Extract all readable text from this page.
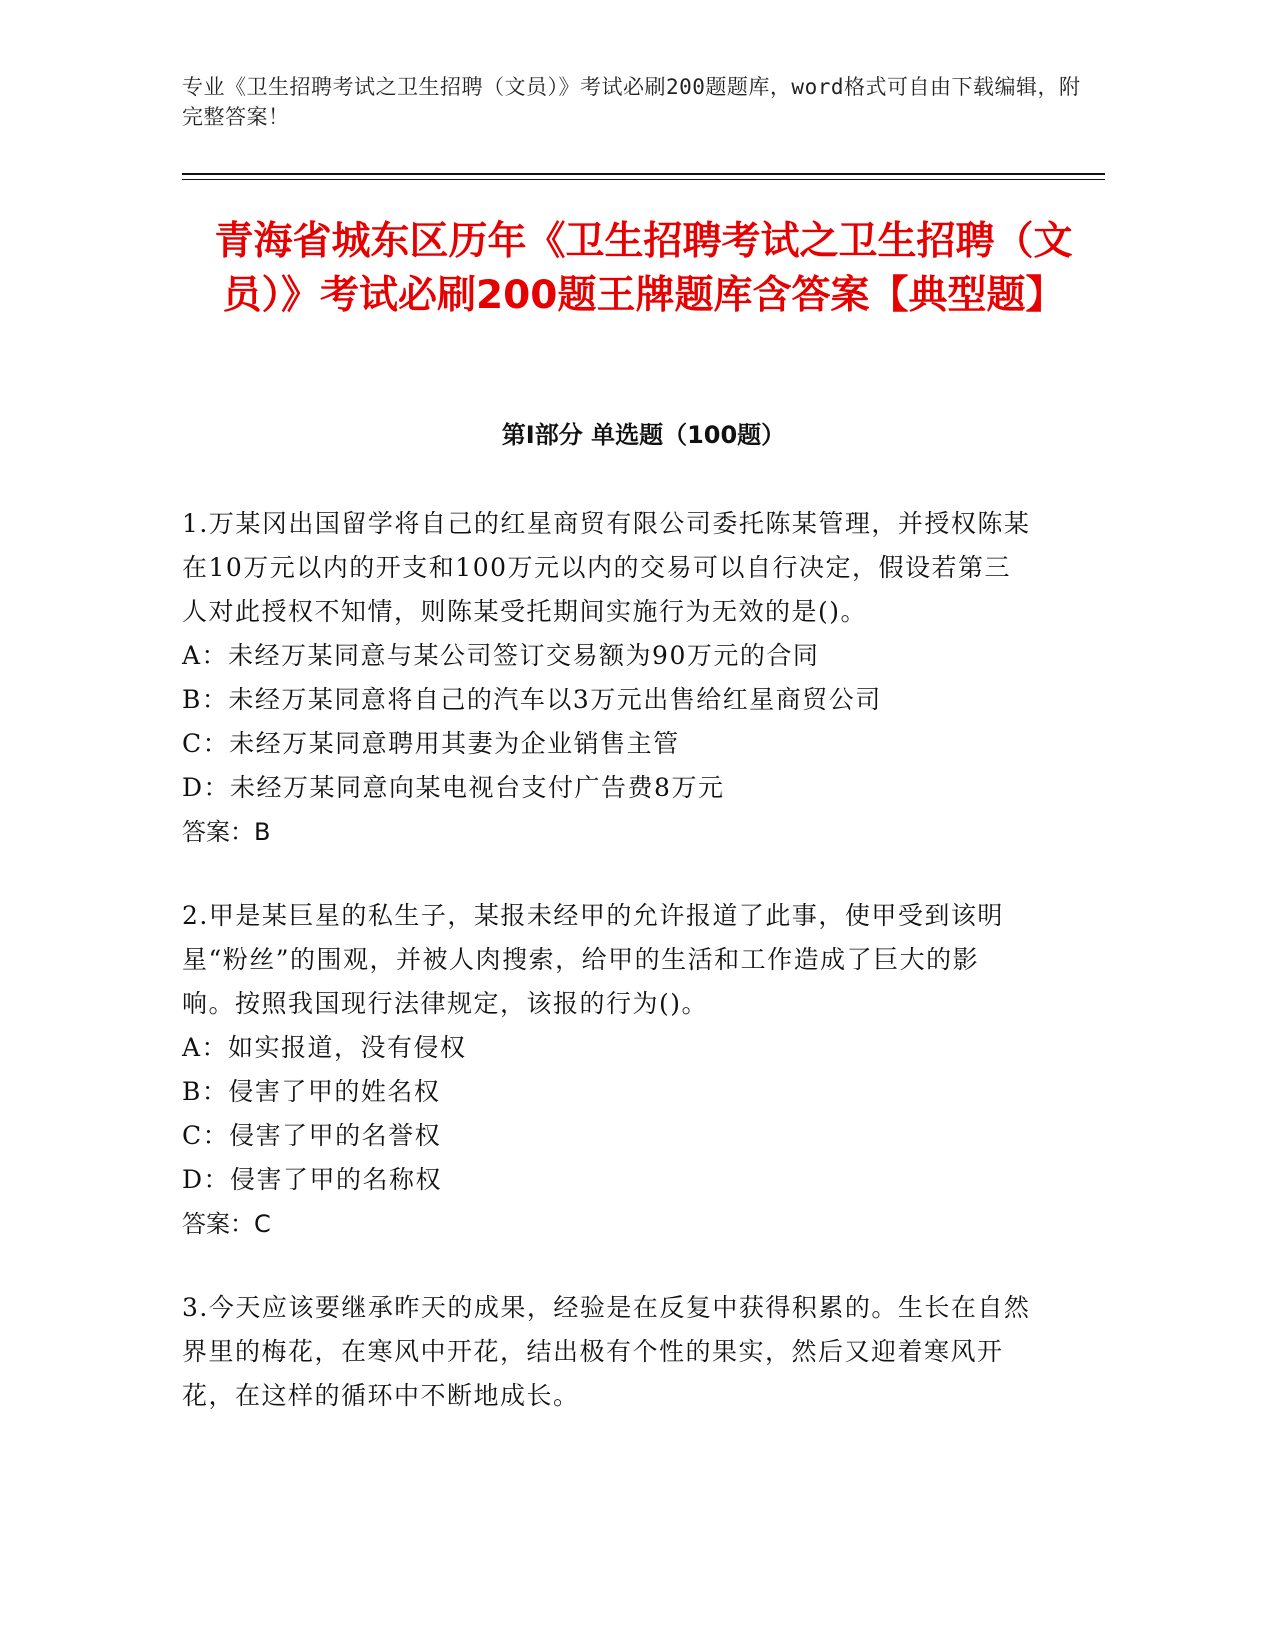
专业《卫生招聘考试之卫生招聘（文员）》考试必刷200题题库，word格式可自由下载编辑，附完整答案！
青海省城东区历年《卫生招聘考试之卫生招聘（文员）》考试必刷200题王牌题库含答案【典型题】
第Ⅰ部分 单选题（100题）

1.万某冈出国留学将自己的红星商贸有限公司委托陈某管理，并授权陈某在10万元以内的开支和100万元以内的交易可以自行决定，假设若第三人对此授权不知情，则陈某受托期间实施行为无效的是()。

A：未经万某同意与某公司签订交易额为90万元的合同

B：未经万某同意将自己的汽车以3万元出售给红星商贸公司

C：未经万某同意聘用其妻为企业销售主管

D：未经万某同意向某电视台支付广告费8万元

答案：B

2.甲是某巨星的私生子，某报未经甲的允许报道了此事，使甲受到该明星“粉丝”的围观，并被人肉搜索，给甲的生活和工作造成了巨大的影响。按照我国现行法律规定，该报的行为()。

A：如实报道，没有侵权

B：侵害了甲的姓名权

C：侵害了甲的名誉权

D：侵害了甲的名称权

答案：C

3.今天应该要继承昨天的成果，经验是在反复中获得积累的。生长在自然界里的梅花，在寒风中开花，结出极有个性的果实，然后又迎着寒风开花，在这样的循环中不断地成长。
